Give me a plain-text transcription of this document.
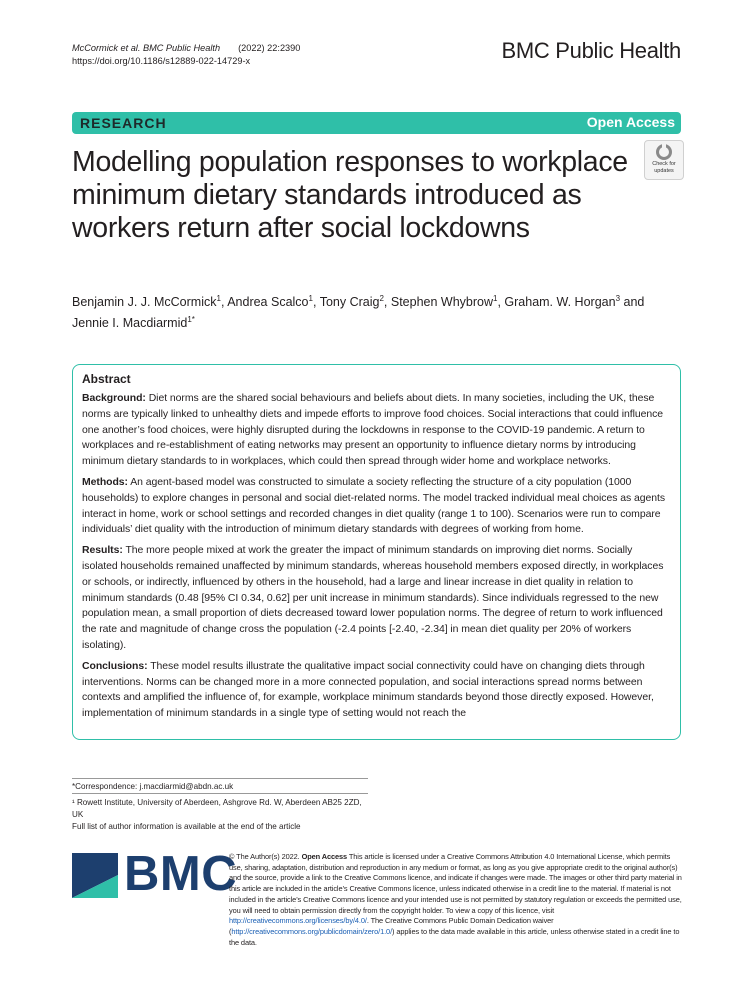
McCormick et al. BMC Public Health (2022) 22:2390
https://doi.org/10.1186/s12889-022-14729-x	BMC Public Health
RESEARCH	Open Access
Check for
updates
Modelling population responses to workplace minimum dietary standards introduced as workers return after social lockdowns
Benjamin J. J. McCormick$^1$, Andrea Scalco$^1$, Tony Craig$^2$, Stephen Whybrow$^1$, Graham. W. Horgan$^3$ and
Jennie I. Macdiarmid$^{1*}$
Abstract

Background: Diet norms are the shared social behaviours and beliefs about diets. In many societies, including the UK, these norms are typically linked to unhealthy diets and impede efforts to improve food choices. Social interactions that could influence one another’s food choices, were highly disrupted during the lockdowns in response to the COVID-19 pandemic. A return to workplaces and re-establishment of eating networks may present an opportunity to influence dietary norms by introducing minimum dietary standards to in workplaces, which could then spread through wider home and workplace networks.

Methods: An agent-based model was constructed to simulate a society reflecting the structure of a city population (1000 households) to explore changes in personal and social diet-related norms. The model tracked individual meal choices as agents interact in home, work or school settings and recorded changes in diet quality (range 1 to 100). Scenarios were run to compare individuals’ diet quality with the introduction of minimum dietary standards with degrees of working from home.

Results: The more people mixed at work the greater the impact of minimum standards on improving diet norms. Socially isolated households remained unaffected by minimum standards, whereas household members exposed directly, in workplaces or schools, or indirectly, influenced by others in the household, had a large and linear increase in diet quality in relation to minimum standards (0.48 [95% CI 0.34, 0.62] per unit increase in minimum standards). Since individuals regressed to the new population mean, a small proportion of diets decreased toward lower population norms. The degree of return to work influenced the rate and magnitude of change cross the population (-2.4 points [-2.40, -2.34] in mean diet quality per 20% of workers isolating).

Conclusions: These model results illustrate the qualitative impact social connectivity could have on changing diets through interventions. Norms can be changed more in a more connected population, and social interactions spread norms between contexts and amplified the influence of, for example, workplace minimum standards beyond those directly exposed. However, implementation of minimum standards in a single type of setting would not reach the

*Correspondence: j.macdiarmid@abdn.ac.uk
¹ Rowett Institute, University of Aberdeen, Ashgrove Rd. W, Aberdeen AB25 2ZD, UK
Full list of author information is available at the end of the article
BMC
© The Author(s) 2022. Open Access This article is licensed under a Creative Commons Attribution 4.0 International License, which permits use, sharing, adaptation, distribution and reproduction in any medium or format, as long as you give appropriate credit to the original author(s) and the source, provide a link to the Creative Commons licence, and indicate if changes were made. The images or other third party material in this article are included in the article’s Creative Commons licence, unless indicated otherwise in a credit line to the material. If material is not included in the article’s Creative Commons licence and your intended use is not permitted by statutory regulation or exceeds the permitted use, you will need to obtain permission directly from the copyright holder. To view a copy of this licence, visit http://creativecommons.org/licenses/by/4.0/. The Creative Commons Public Domain Dedication waiver (http://creativecommons.org/publicdomain/zero/1.0/) applies to the data made available in this article, unless otherwise stated in a credit line to the data.
